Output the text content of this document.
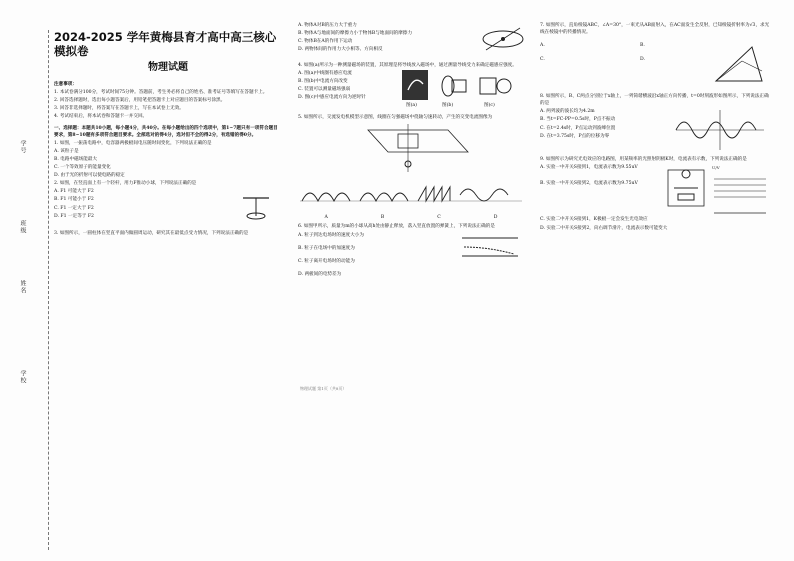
学号
班级
姓名
学校
2024-2025 学年黄梅县育才高中高三核心模拟卷
物理试题

注意事项：

1. 本试卷满分100分，考试时间75分钟。答题前，考生务必将自己的姓名、准考证号等填写在答题卡上。

2. 回答选择题时，选出每小题答案后，用铅笔把答题卡上对应题目的答案标号涂黑。

3. 回答非选择题时，将答案写在答题卡上，写在本试卷上无效。

4. 考试结束后，将本试卷和答题卡一并交回。

一、选择题：本题共10小题，每小题4分，共40分。在每小题给出的四个选项中，第1~7题只有一项符合题目要求，第8~10题有多项符合题目要求。全部选对的得4分，选对但不全的得2分，有选错的得0分。

1. 如图，一振荡电路中，电容器两极板间电压随时间变化，下列说法正确的是

A. 该粒子是

B. 电路中磁场能最大

C. 一个等效原子的能量变化

D. 由于光的折射可以使电路的稳定

2. 如图，在竖直面上有一个轻杆，用力F推动小球，下列说法正确的是

A. F1 可能大于 F2

B. F1 可能小于 F2

C. F1 一定大于 F2

D. F1 一定等于 F2

3. 如图所示，一圆柱体在竖直平面内做圆周运动，研究其在最低点受力情况，下列说法正确的是

A. 物体A对B的压力大于重力

B. 物体A与地面间的摩擦力小于物体B与地面间的摩擦力

C. 物体B在A的作用下运动

D. 两物体间的作用力大小相等、方向相反

4. 如图(a)所示为一种测量磁场的装置，其原理是将导线放入磁场中，通过测量导线受力来确定磁感应强度。

A. 图(a)中线圈有感应电流

B. 图(b)中电流方向改变

C. 装置可以测量磁场强弱

D. 图(c)中感应电流方向为逆时针

图(a)	图(b)	图(c)

5. 如图所示，交流发电机模型示意图，线圈在匀强磁场中绕轴匀速转动，产生的交变电流图像为

A	B	C	D

6. 如图甲所示，质量为m的小球从高h处由静止释放，落入竖直放置的弹簧上，下列说法正确的是

A. 粒子到达电场时的速度大小为

B. 粒子在电场中的加速度为

C. 粒子离开电场时的动能为

D. 两板间的电势差为

7. 如图所示，直角棱镜ABC，∠A=30°，一束光从AB面射入，在AC面发生全反射，已知棱镜折射率为√3，求光线在棱镜中的传播情况。

A.

C.

B.

D.

8. 如图所示，B、C两点分别位于x轴上，一列简谐横波沿x轴正方向传播，t=0时刻波形如图所示，下列说法正确的是

A. 两列波的波长均为4.2m

B. 当t=FC-PP=0.5s时，P点不振动

C. 在t=2.4s时，P点运动到波峰位置

D. 在t=3.75s时，P点的位移为零

9. 如图所示为研究光电效应的电路图，用某频率的光照射阴极K时，电流表有示数，下列说法正确的是

A. 实验一中开关S接到1，电流表示数为9.55uV

B. 实验一中开关S接到2，电流表示数为9.75uV

U/V

C. 实验二中开关S接到1，K极板一定会发生光电效应

D. 实验二中开关S接到2，向右调节滑片，电流表示数可能变大

物理试题 第1页（共8页）
